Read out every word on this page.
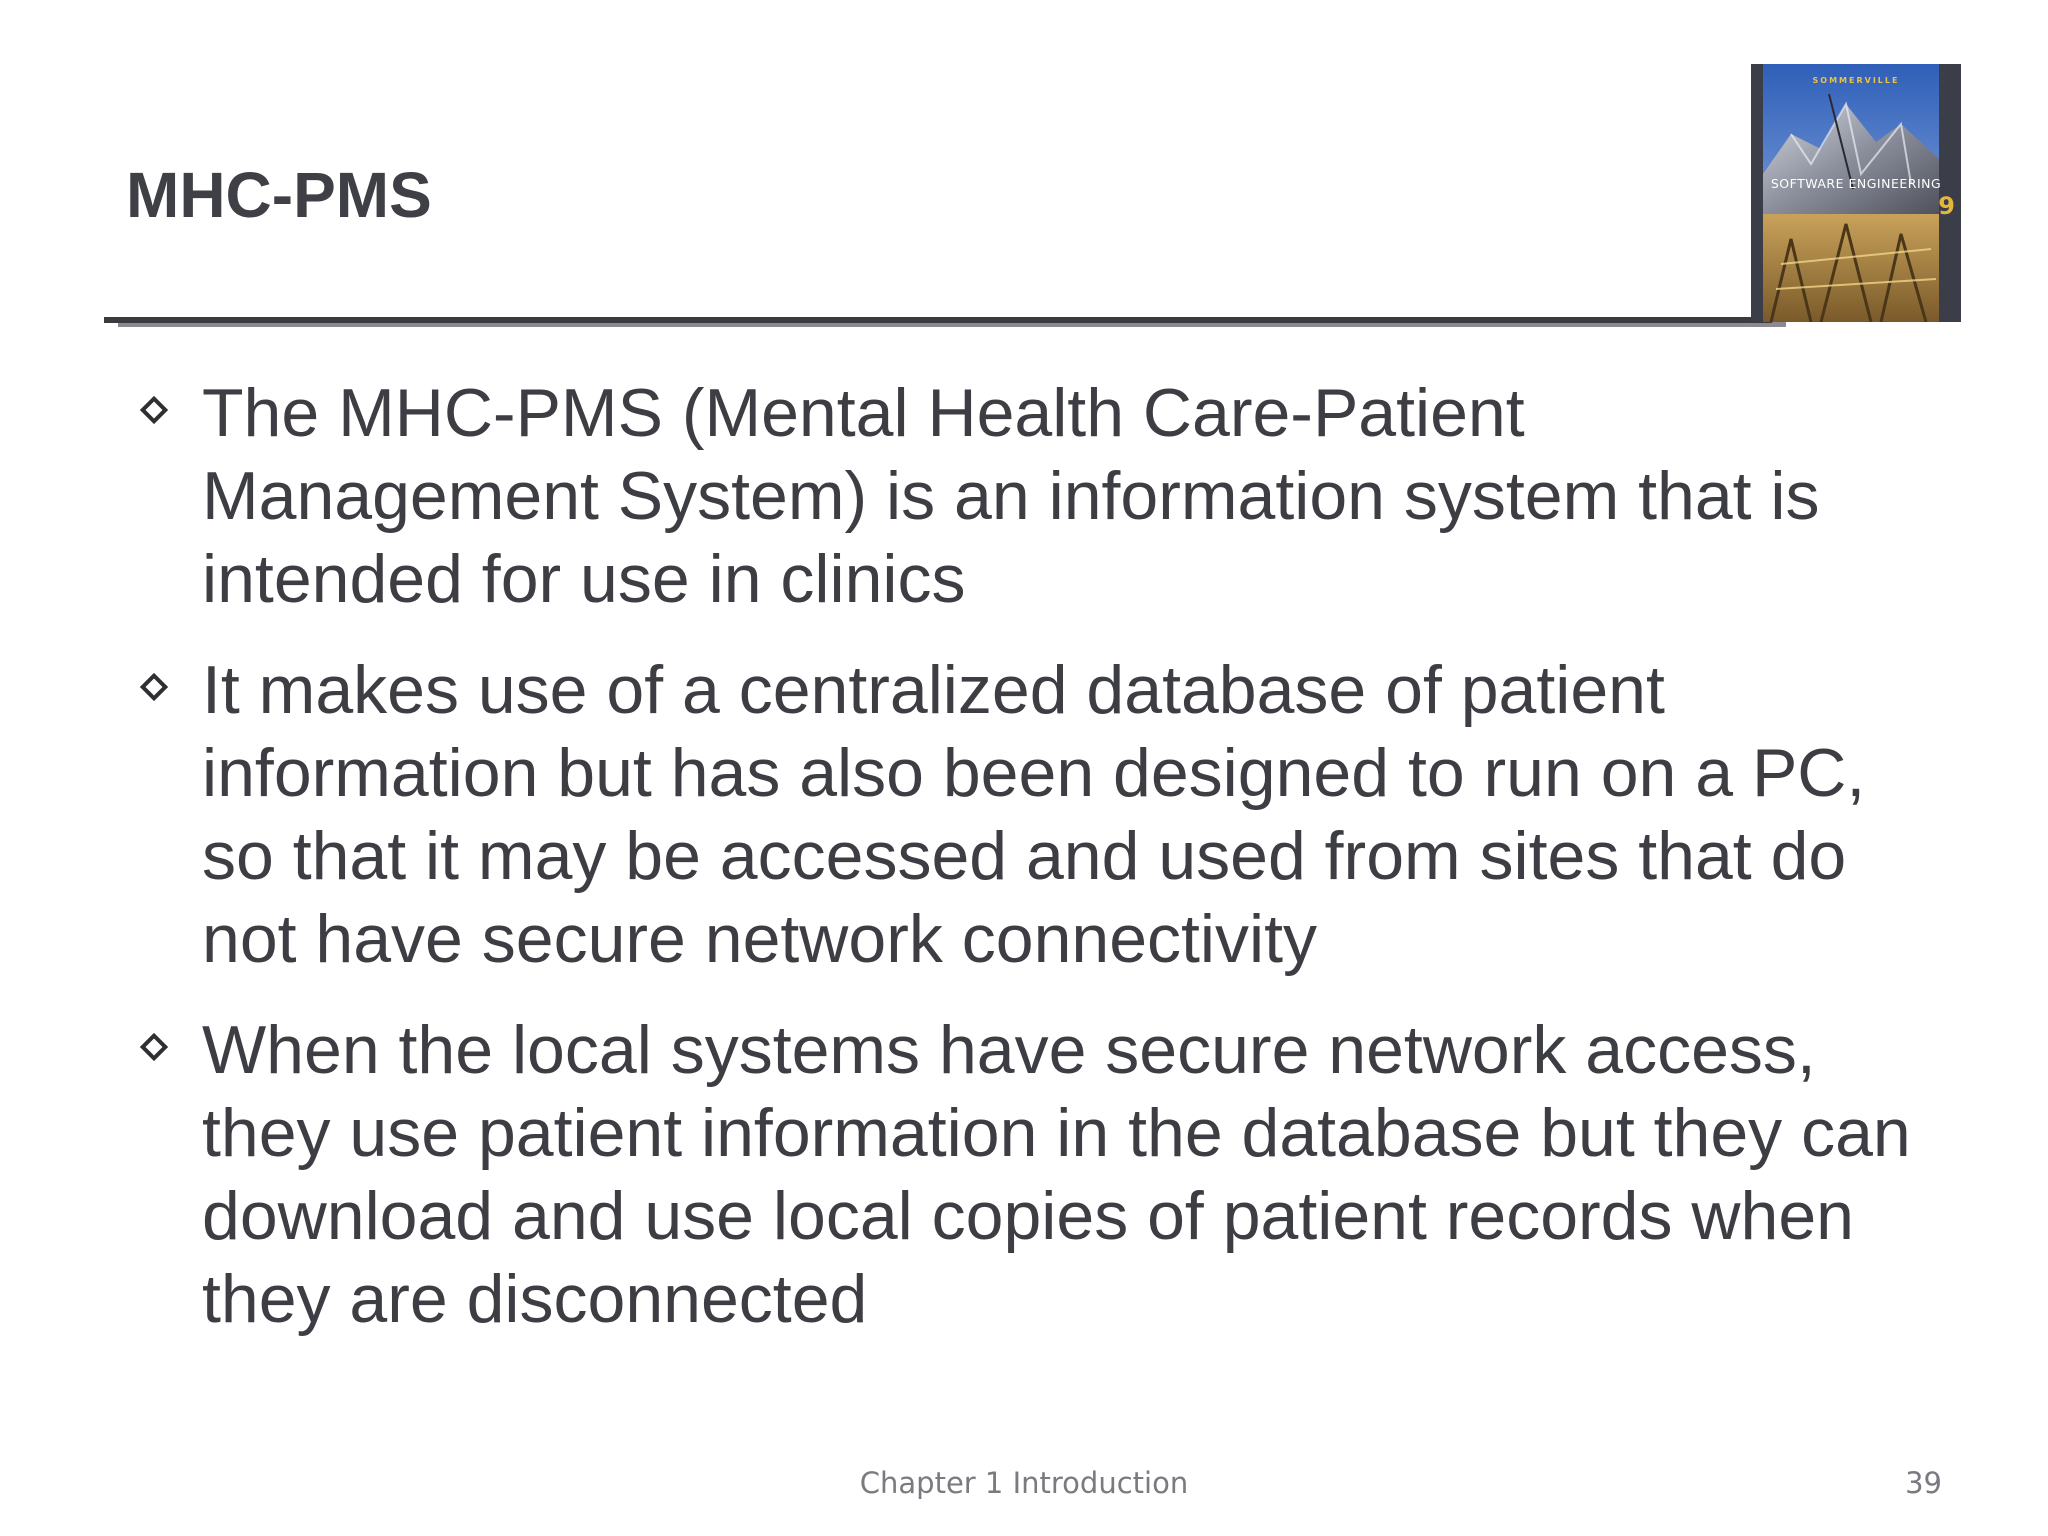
MHC-PMS
SOMMERVILLE
SOFTWARE ENGINEERING
9
The MHC-PMS (Mental Health Care-Patient
Management System) is an information system that is
intended for use in clinics
It makes use of a centralized database of patient
information but has also been designed to run on a PC,
so that it may be accessed and used from sites that do
not have secure network connectivity
When the local systems have secure network access,
they use patient information in the database but they can
download and use local copies of patient records when
they are disconnected
Chapter 1 Introduction	39
